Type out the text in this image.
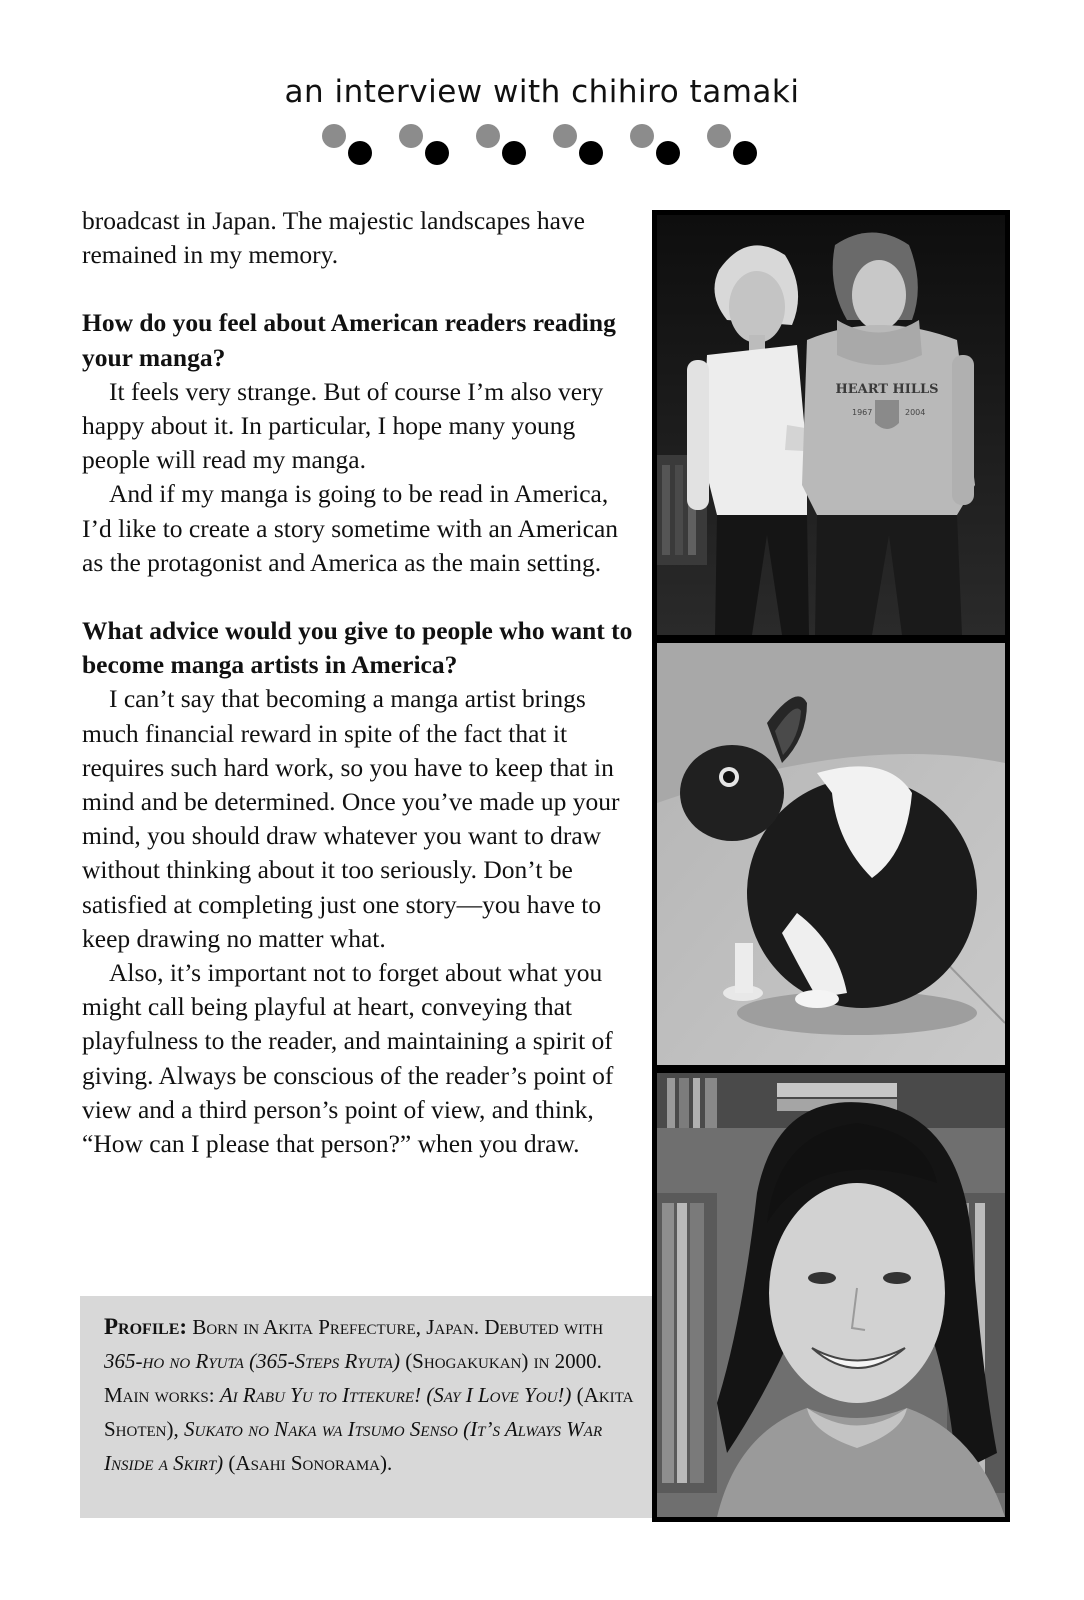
an interview with chihiro tamaki

broadcast in Japan. The majestic landscapes have remained in my memory.

How do you feel about American readers reading your manga?

It feels very strange. But of course I’m also very happy about it. In particular, I hope many young people will read my manga.

And if my manga is going to be read in America, I’d like to create a story sometime with an American as the protagonist and America as the main setting.

What advice would you give to people who want to become manga artists in America?

I can’t say that becoming a manga artist brings much financial reward in spite of the fact that it requires such hard work, so you have to keep that in mind and be determined. Once you’ve made up your mind, you should draw whatever you want to draw without thinking about it too seriously. Don’t be satisfied at completing just one story—you have to keep drawing no matter what.

Also, it’s important not to forget about what you might call being playful at heart, conveying that playfulness to the reader, and maintaining a spirit of giving. Always be conscious of the reader’s point of view and a third person’s point of view, and think, “How can I please that person?” when you draw.

Profile: Born in Akita Prefecture, Japan. Debuted with 365-ho no Ryuta (365-Steps Ryuta) (Shogakukan) in 2000. Main works: Ai Rabu Yu to Ittekure! (Say I Love You!) (Akita Shoten), Sukato no Naka wa Itsumo Senso (It’s Always War Inside a Skirt) (Asahi Sonorama).
HEART HILLS
1967	2004
